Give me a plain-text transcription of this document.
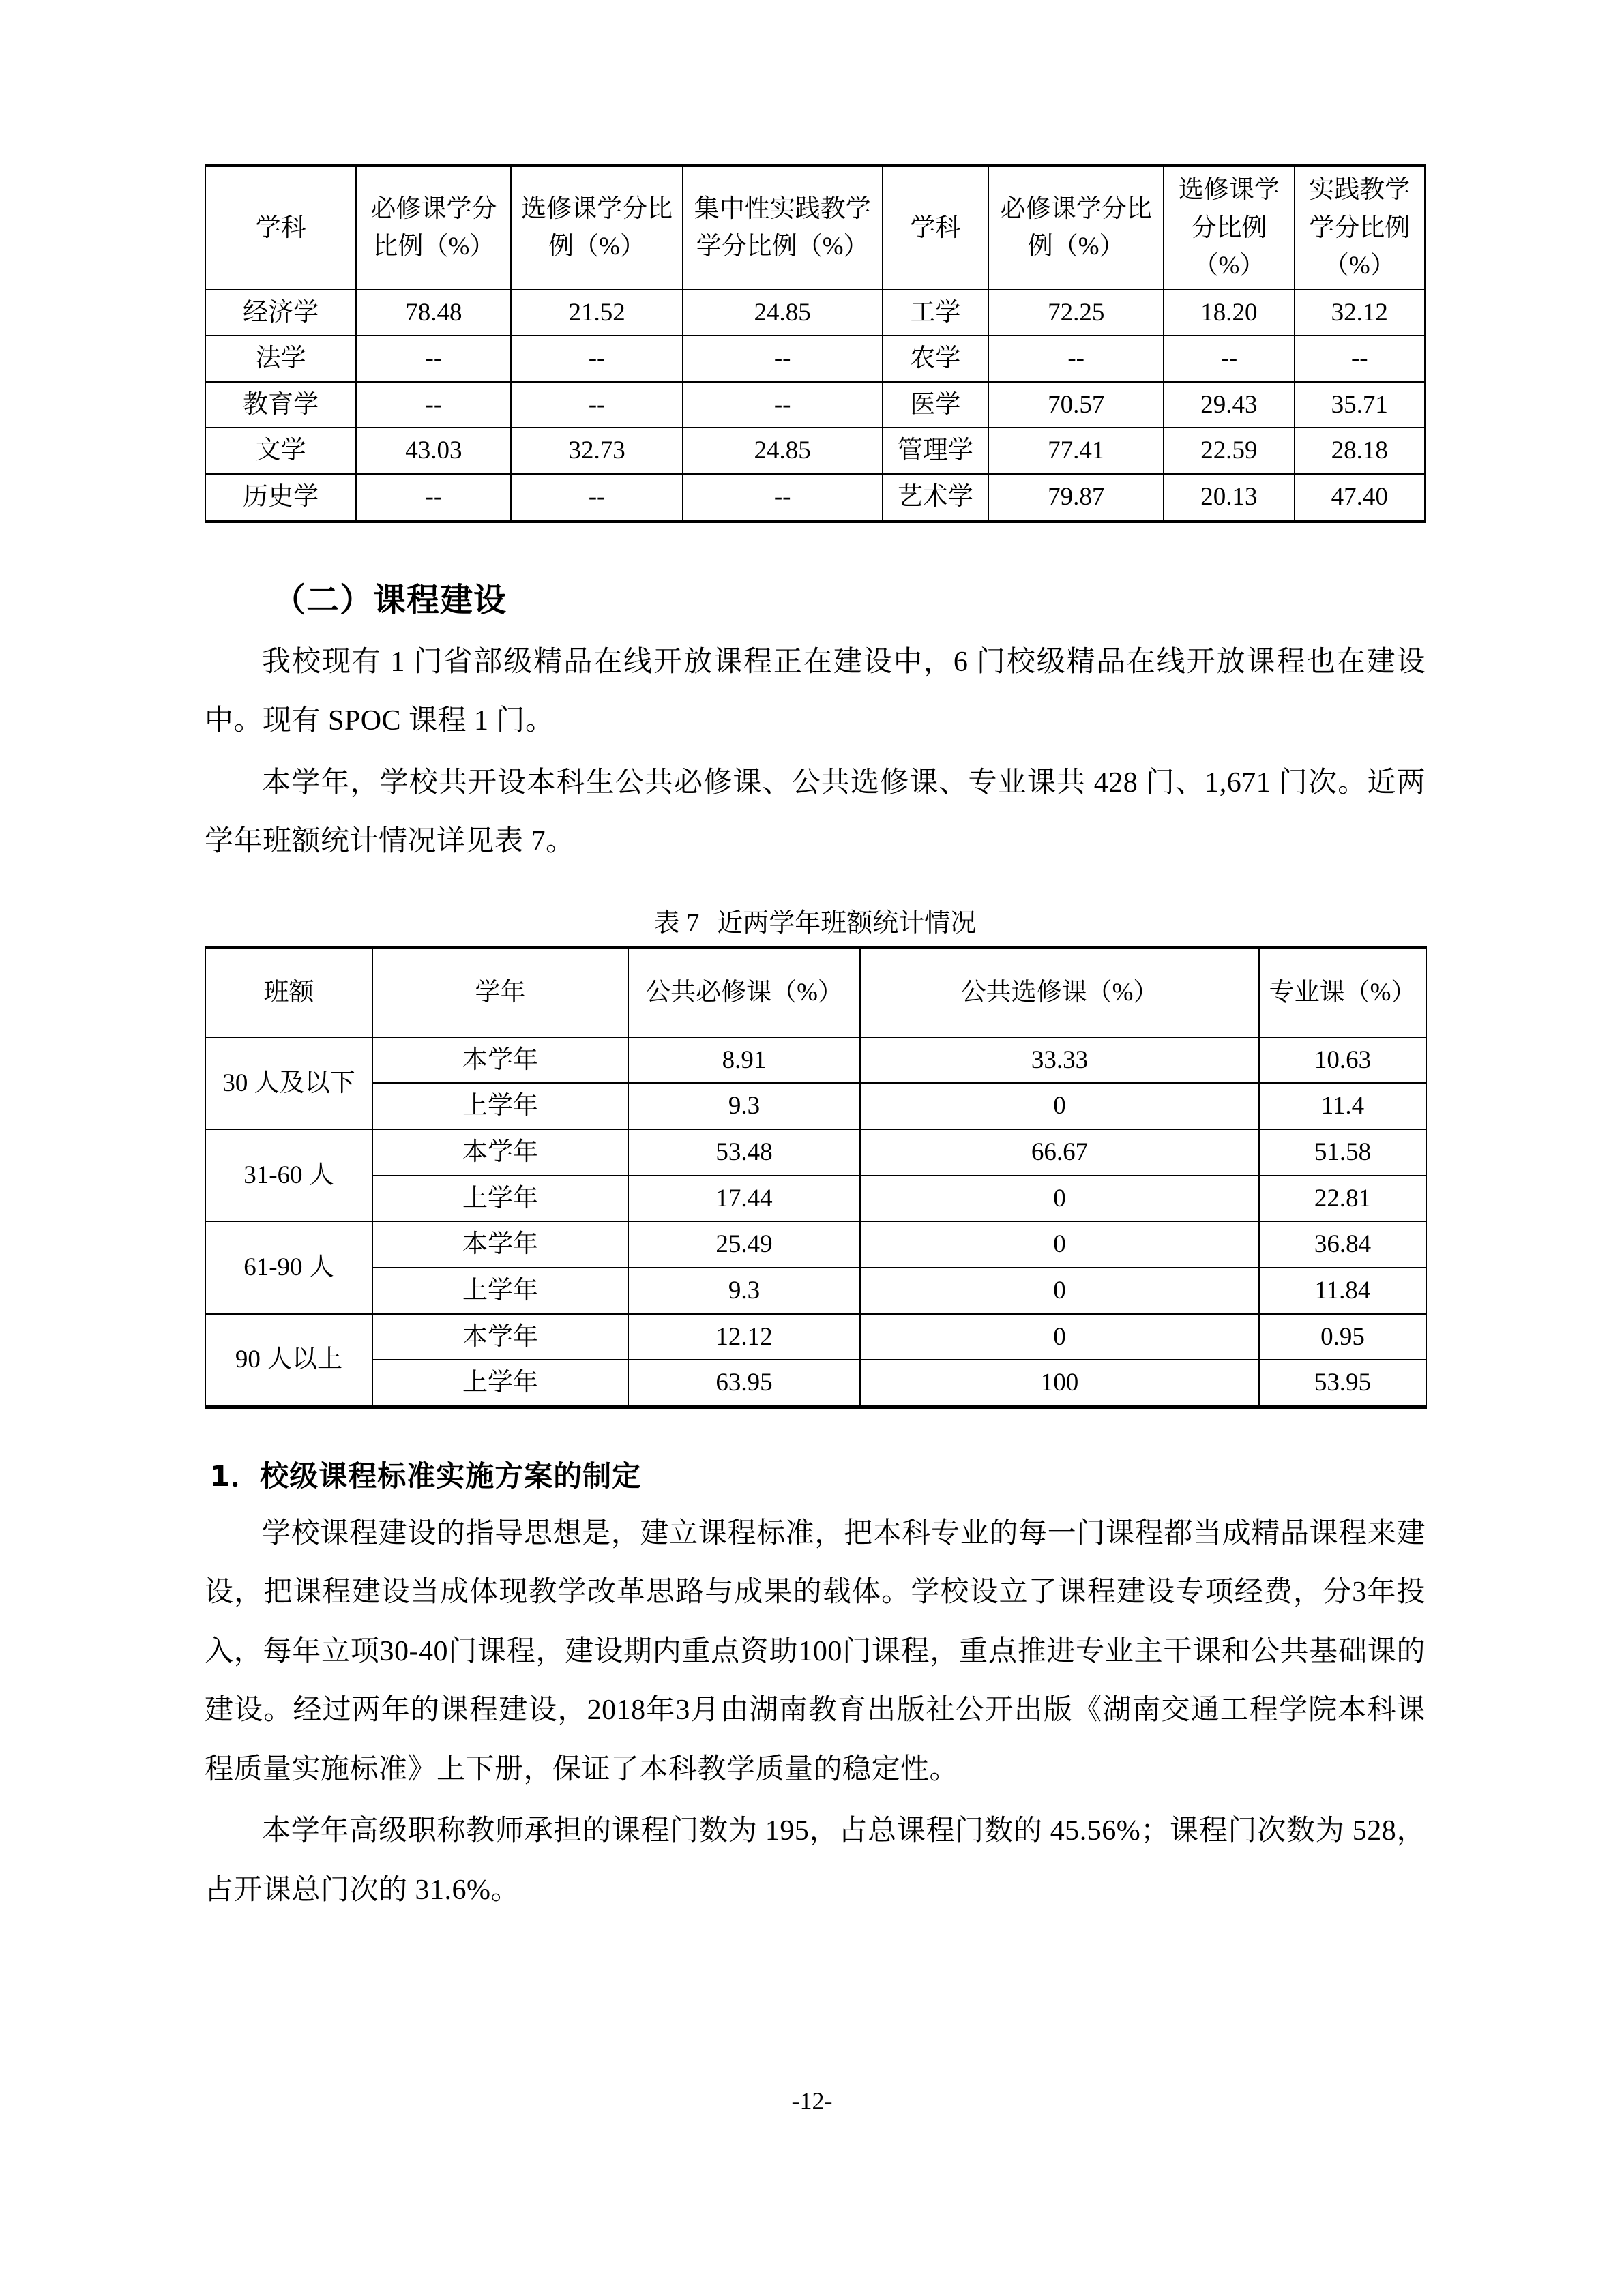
学科	必修课学分比例（%）	选修课学分比例（%）	集中性实践教学学分比例（%）	学科	必修课学分比例（%）	选修课学分比例（%）	实践教学学分比例（%）
经济学	78.48	21.52	24.85	工学	72.25	18.20	32.12
法学	--	--	--	农学	--	--	--
教育学	--	--	--	医学	70.57	29.43	35.71
文学	43.03	32.73	24.85	管理学	77.41	22.59	28.18
历史学	--	--	--	艺术学	79.87	20.13	47.40
（二）课程建设

我校现有 1 门省部级精品在线开放课程正在建设中，6 门校级精品在线开放课程也在建设中。现有 SPOC 课程 1 门。

本学年，学校共开设本科生公共必修课、公共选修课、专业课共 428 门、1,671 门次。近两学年班额统计情况详见表 7。

表 7 近两学年班额统计情况
班额	学年	公共必修课（%）	公共选修课（%）	专业课（%）
30 人及以下	本学年	8.91	33.33	10.63
	上学年	9.3	0	11.4
31-60 人	本学年	53.48	66.67	51.58
	上学年	17.44	0	22.81
61-90 人	本学年	25.49	0	36.84
	上学年	9.3	0	11.84
90 人以上	本学年	12.12	0	0.95
	上学年	63.95	100	53.95
1．校级课程标准实施方案的制定

学校课程建设的指导思想是，建立课程标准，把本科专业的每一门课程都当成精品课程来建设，把课程建设当成体现教学改革思路与成果的载体。学校设立了课程建设专项经费，分3年投入，每年立项30-40门课程，建设期内重点资助100门课程，重点推进专业主干课和公共基础课的建设。经过两年的课程建设，2018年3月由湖南教育出版社公开出版《湖南交通工程学院本科课程质量实施标准》上下册，保证了本科教学质量的稳定性。

本学年高级职称教师承担的课程门数为 195，占总课程门数的 45.56%；课程门次数为 528，占开课总门次的 31.6%。

-12-
